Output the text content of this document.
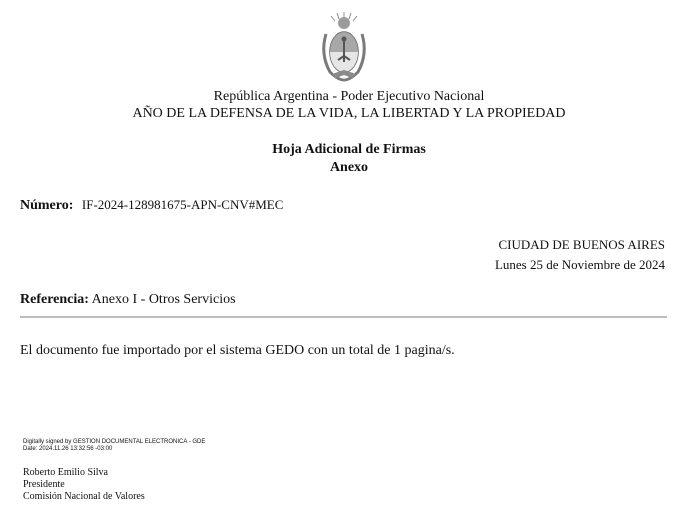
República Argentina - Poder Ejecutivo Nacional
AÑO DE LA DEFENSA DE LA VIDA, LA LIBERTAD Y LA PROPIEDAD
Hoja Adicional de Firmas
Anexo
Número: IF-2024-128981675-APN-CNV#MEC
CIUDAD DE BUENOS AIRES
Lunes 25 de Noviembre de 2024
Referencia: Anexo I - Otros Servicios
El documento fue importado por el sistema GEDO con un total de 1 pagina/s.
Digitally signed by GESTION DOCUMENTAL ELECTRONICA - GDE
Date: 2024.11.26 13:32:56 -03:00
Roberto Emilio Silva
Presidente
Comisión Nacional de Valores
